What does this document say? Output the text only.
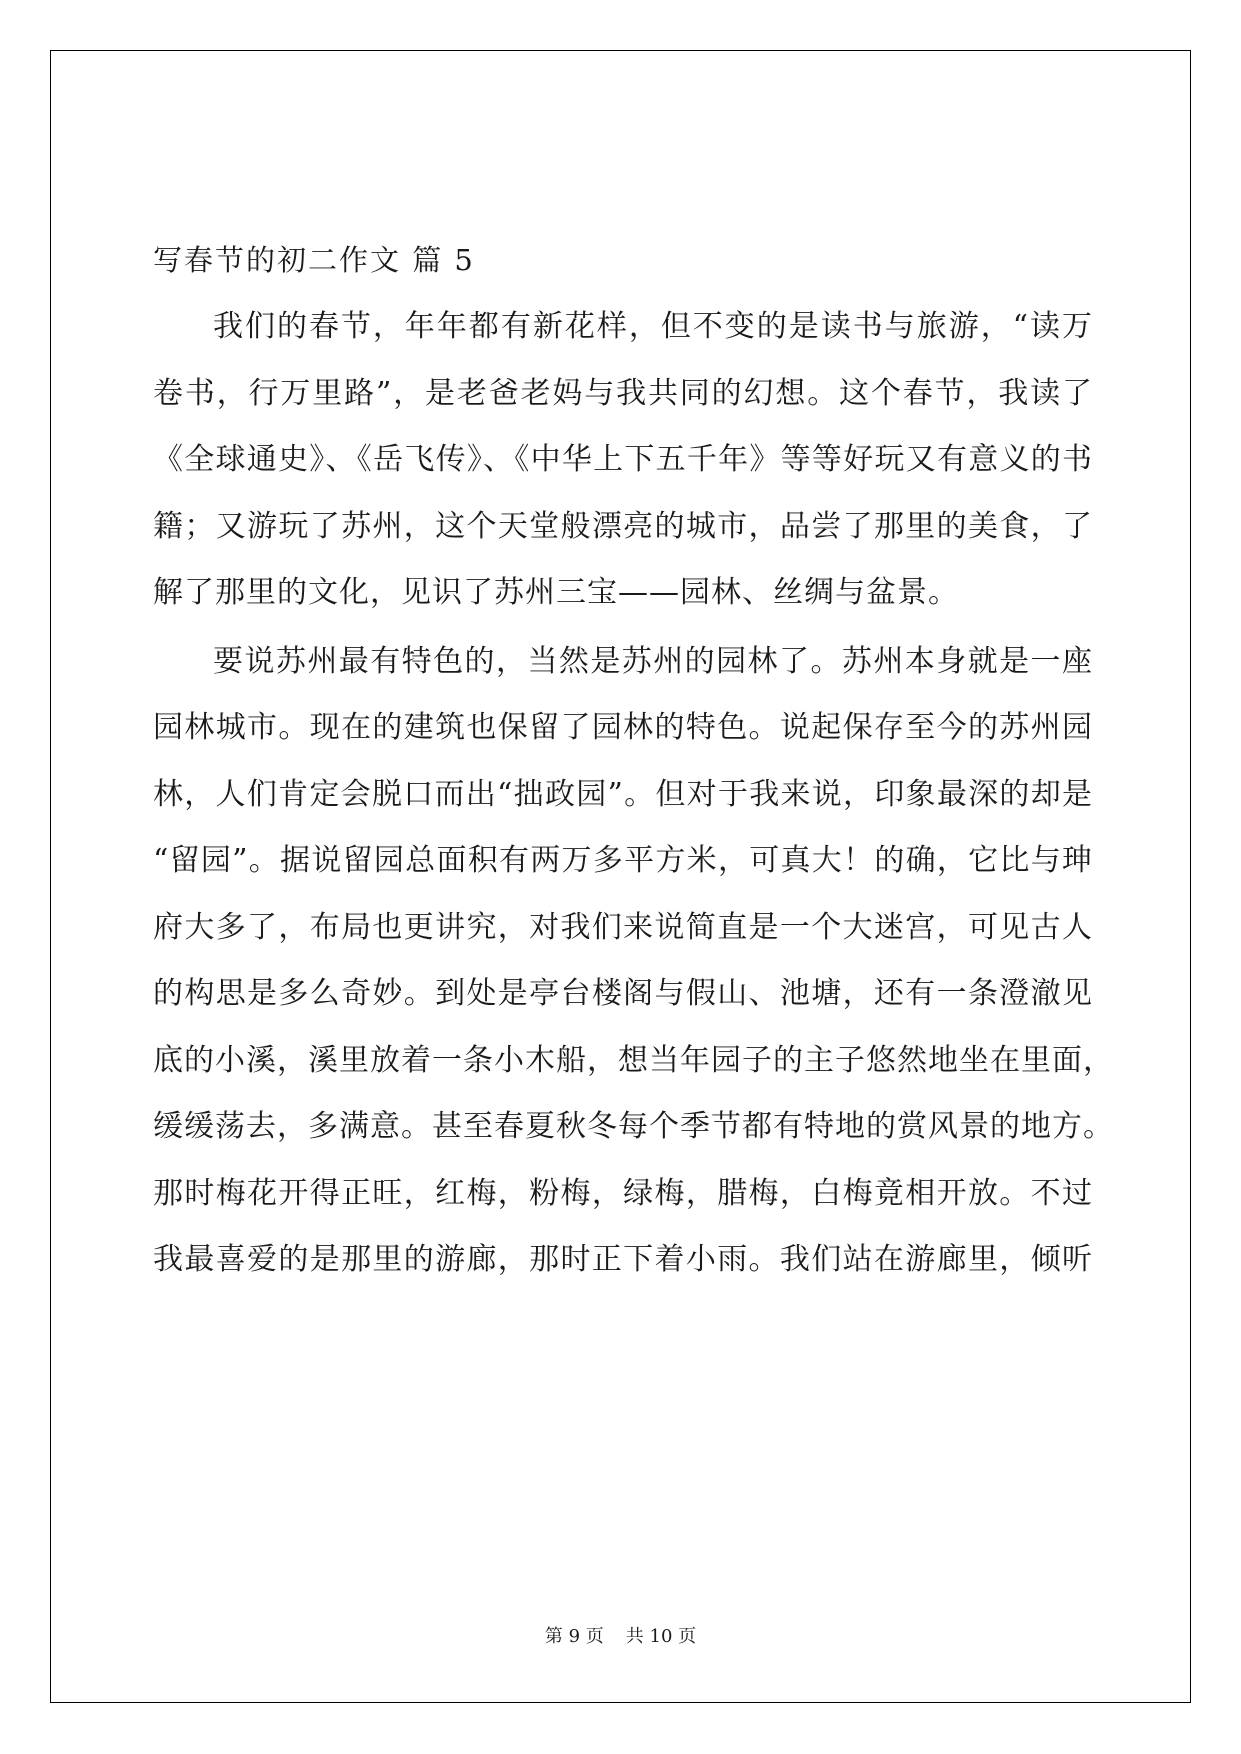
写春节的初二作文 篇 5
我们的春节，年年都有新花样，但不变的是读书与旅游，“读万
卷书，行万里路”，是老爸老妈与我共同的幻想。这个春节，我读了
《全球通史》、《岳飞传》、《中华上下五千年》等等好玩又有意义的书
籍；又游玩了苏州，这个天堂般漂亮的城市，品尝了那里的美食，了
解了那里的文化，见识了苏州三宝——园林、丝绸与盆景。
要说苏州最有特色的，当然是苏州的园林了。苏州本身就是一座
园林城市。现在的建筑也保留了园林的特色。说起保存至今的苏州园
林，人们肯定会脱口而出“拙政园”。但对于我来说，印象最深的却是
“留园”。据说留园总面积有两万多平方米，可真大！的确，它比与珅
府大多了，布局也更讲究，对我们来说简直是一个大迷宫，可见古人
的构思是多么奇妙。到处是亭台楼阁与假山、池塘，还有一条澄澈见
底的小溪，溪里放着一条小木船，想当年园子的主子悠然地坐在里面，
缓缓荡去，多满意。甚至春夏秋冬每个季节都有特地的赏风景的地方。
那时梅花开得正旺，红梅，粉梅，绿梅，腊梅，白梅竟相开放。不过
我最喜爱的是那里的游廊，那时正下着小雨。我们站在游廊里，倾听
第 9 页 共 10 页
